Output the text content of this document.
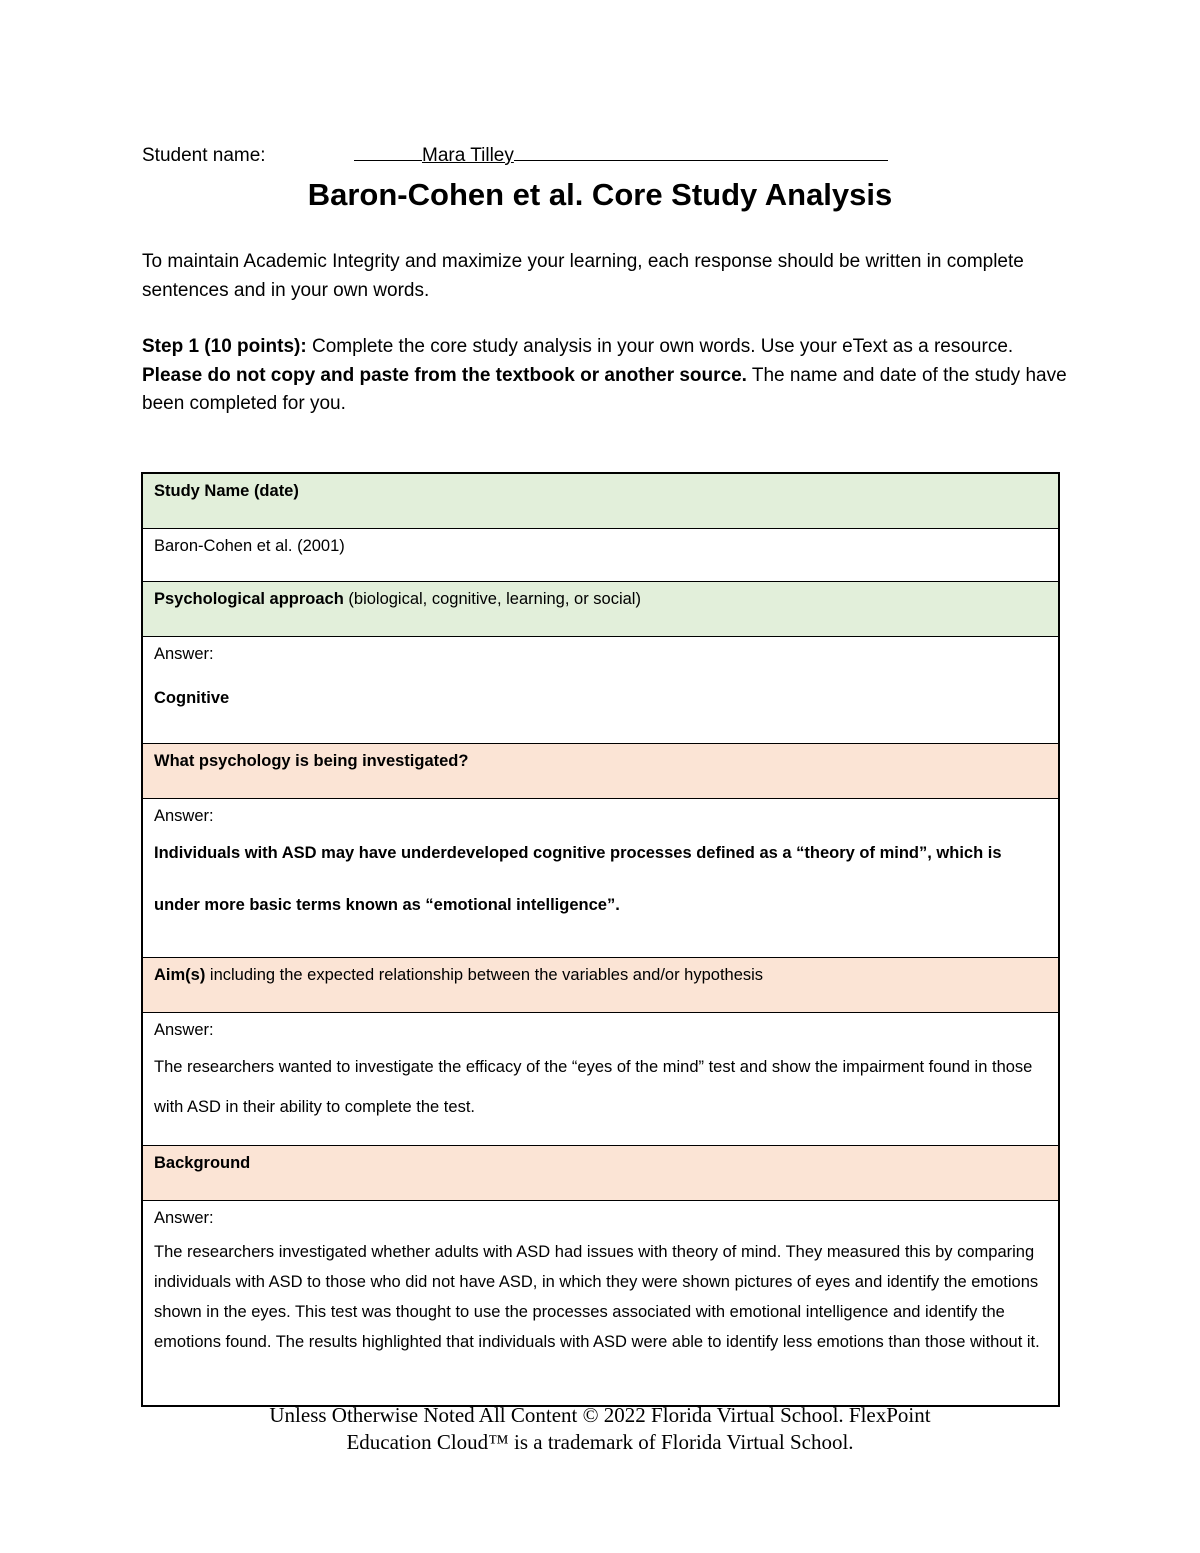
Student name:	Mara Tilley
Baron-Cohen et al. Core Study Analysis
To maintain Academic Integrity and maximize your learning, each response should be written in complete sentences and in your own words.
Step 1 (10 points): Complete the core study analysis in your own words. Use your eText as a resource. Please do not copy and paste from the textbook or another source. The name and date of the study have been completed for you.
Study Name (date)
Baron-Cohen et al. (2001)
Psychological approach (biological, cognitive, learning, or social)

Answer:
Cognitive

What psychology is being investigated?

Answer:
Individuals with ASD may have underdeveloped cognitive processes defined as a “theory of mind”, which is under more basic terms known as “emotional intelligence”.

Aim(s) including the expected relationship between the variables and/or hypothesis

Answer:
The researchers wanted to investigate the efficacy of the “eyes of the mind” test and show the impairment found in those with ASD in their ability to complete the test.

Background

Answer:
The researchers investigated whether adults with ASD had issues with theory of mind. They measured this by comparing individuals with ASD to those who did not have ASD, in which they were shown pictures of eyes and identify the emotions shown in the eyes. This test was thought to use the processes associated with emotional intelligence and identify the emotions found. The results highlighted that individuals with ASD were able to identify less emotions than those without it.
Unless Otherwise Noted All Content © 2022 Florida Virtual School. FlexPoint
Education Cloud™ is a trademark of Florida Virtual School.
